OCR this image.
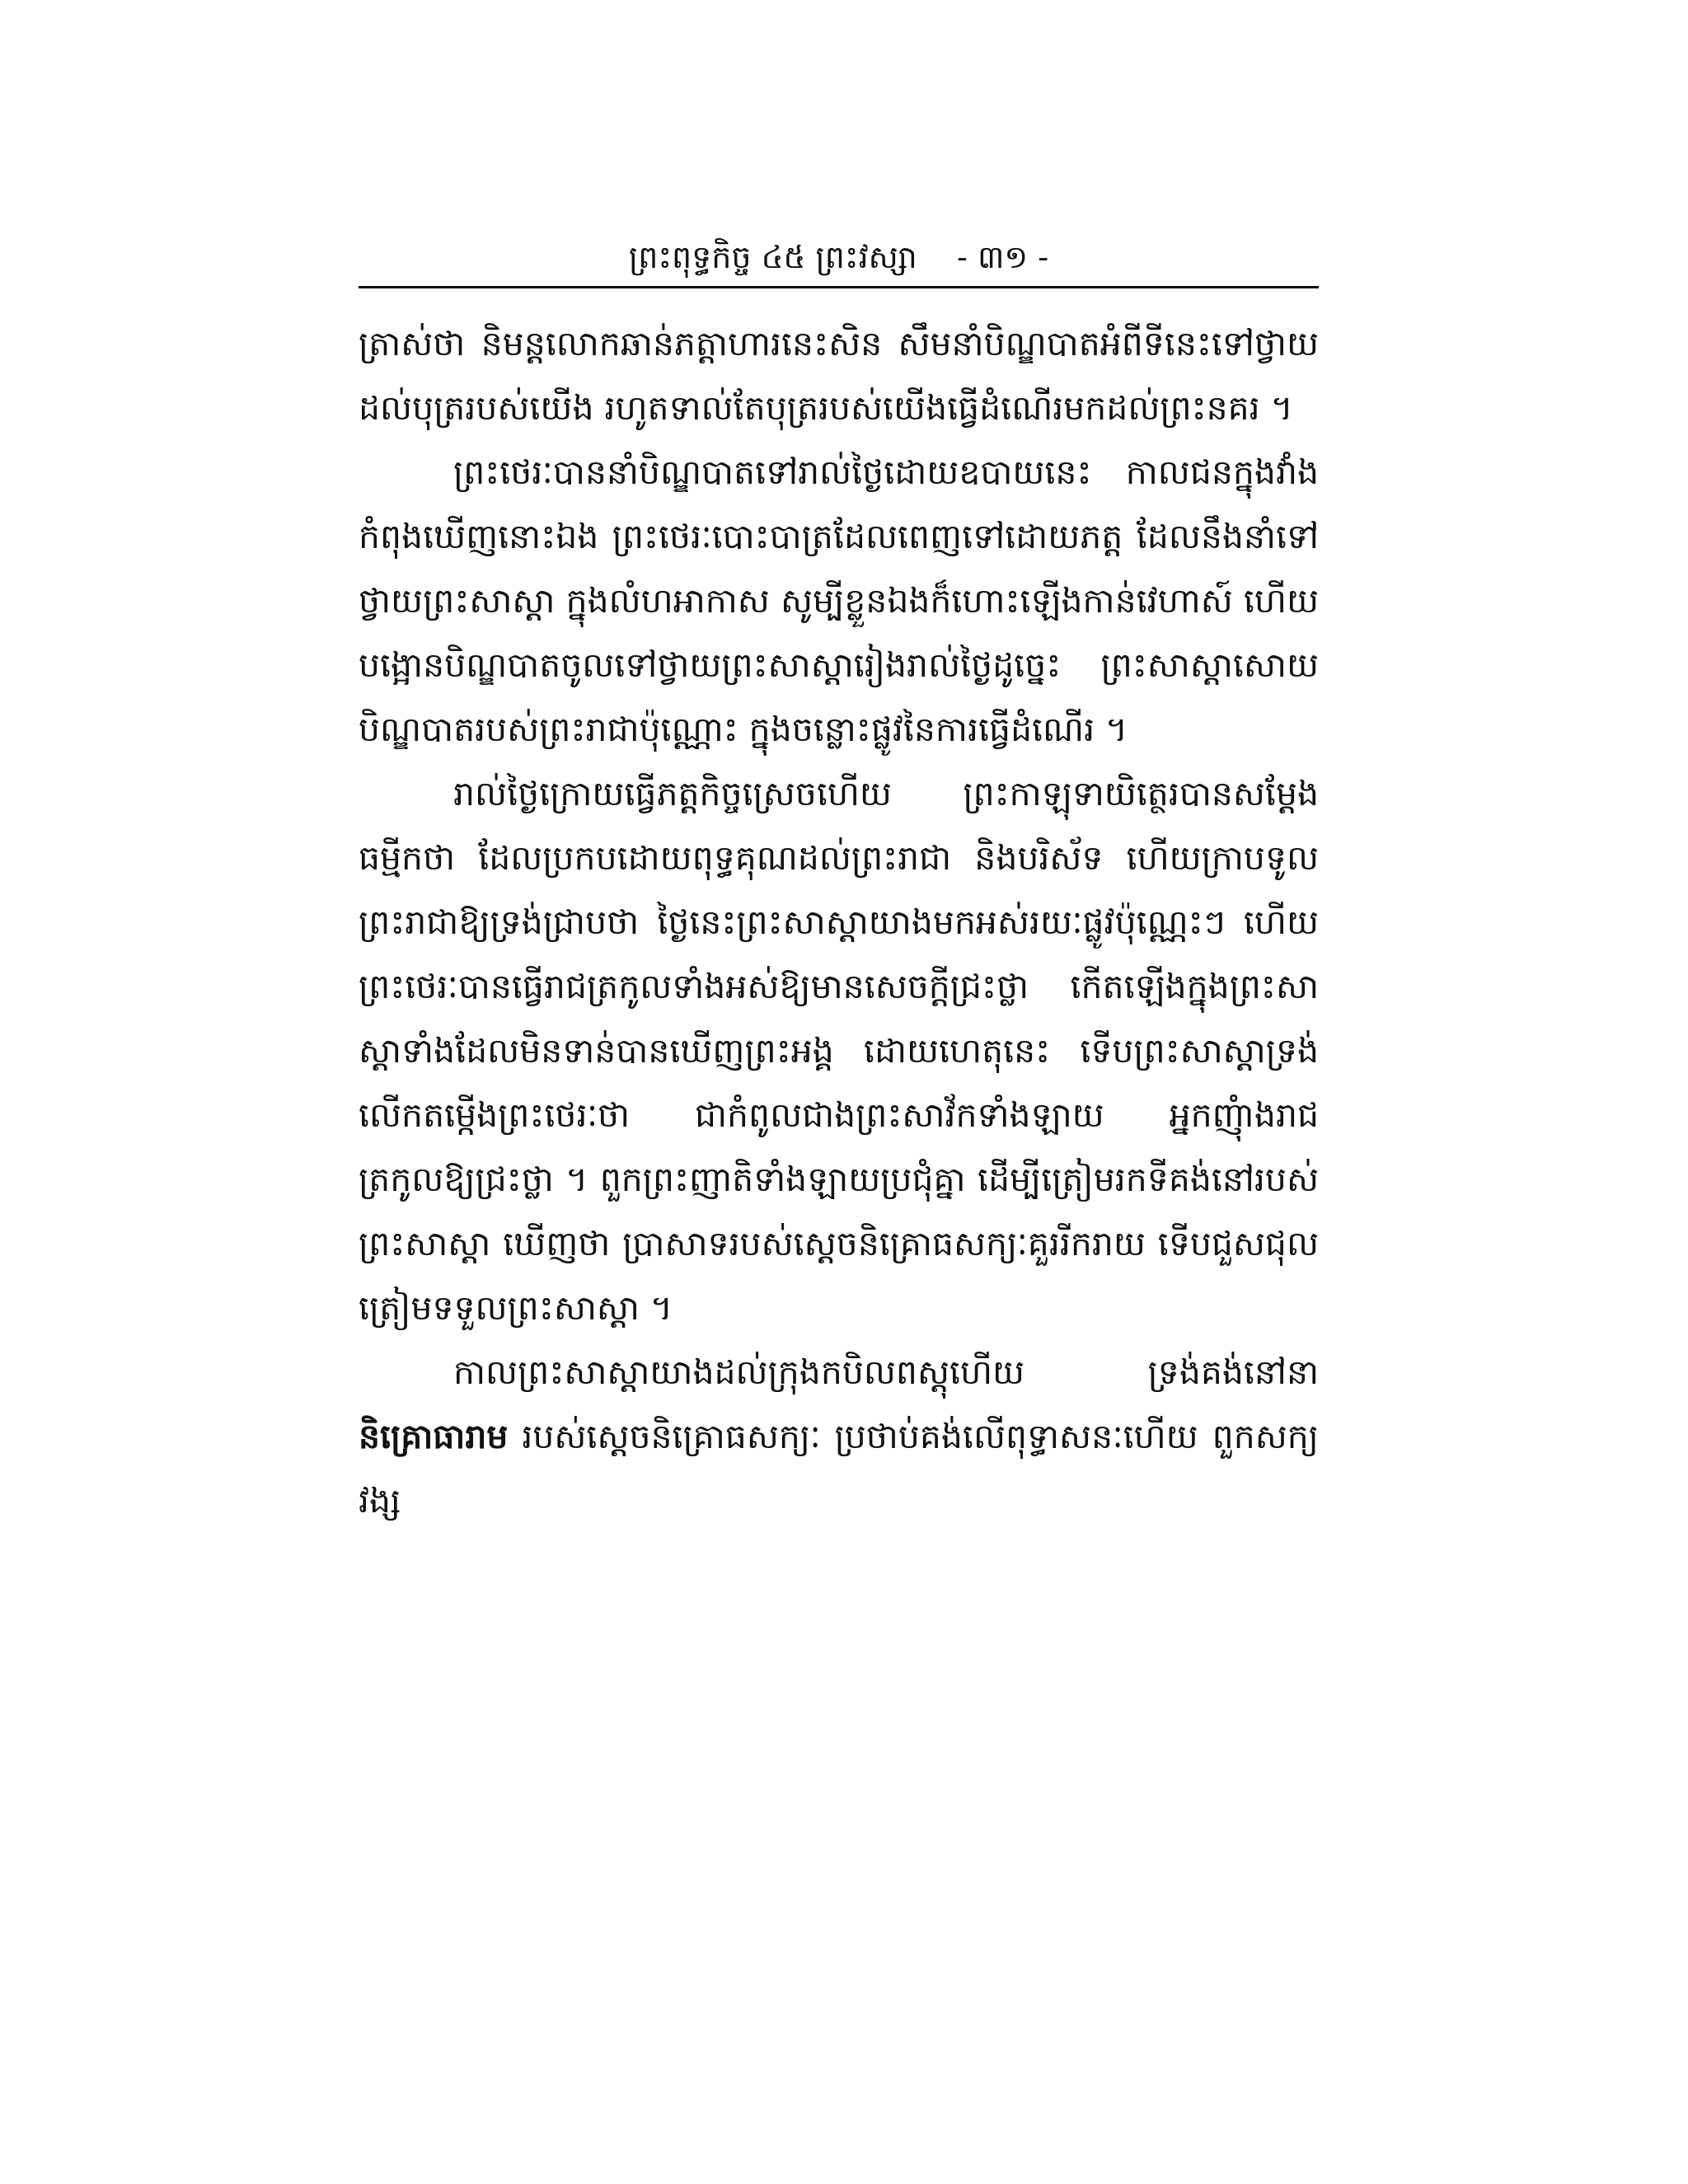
ព្រះពុទ្ធកិច្ច ៤៥ ព្រះវស្សា - ៣១ -

ត្រាស់ថា និមន្តលោកឆាន់ភត្តាហារនេះសិន សឹមនាំបិណ្ឌបាតអំពីទីនេះទៅថ្វាយដល់បុត្ររបស់យើង រហូតទាល់តែបុត្ររបស់យើងធ្វើដំណើរមកដល់ព្រះនគរ ។

ព្រះថេរៈបាននាំបិណ្ឌបាតទៅរាល់ថ្ងៃដោយឧបាយនេះ កាលជនក្នុងវាំងកំពុងឃើញនោះឯង ព្រះថេរៈបោះបាត្រដែលពេញទៅដោយភត្ត ដែលនឹងនាំទៅថ្វាយព្រះសាស្តា ក្នុងលំហអាកាស សូម្បីខ្លួនឯងក៏ហោះឡើងកាន់វេហាស៍ ហើយបង្អោនបិណ្ឌបាតចូលទៅថ្វាយព្រះសាស្តារៀងរាល់ថ្ងៃដូច្នេះ ព្រះសាស្តាសោយបិណ្ឌបាតរបស់ព្រះរាជាប៉ុណ្ណោះ ក្នុងចន្លោះផ្លូវនៃការធ្វើដំណើរ ។

រាល់ថ្ងៃក្រោយធ្វើភត្តកិច្ចស្រេចហើយ ព្រះកាឡុទាយិត្ថេរបានសម្តែងធម្មីកថា ដែលប្រកបដោយពុទ្ធគុណដល់ព្រះរាជា និងបរិស័ទ ហើយក្រាបទូលព្រះរាជាឱ្យទ្រង់ជ្រាបថា ថ្ងៃនេះព្រះសាស្តាយាងមកអស់រយៈផ្លូវប៉ុណ្ណេះៗ ហើយព្រះថេរៈបានធ្វើរាជត្រកូលទាំងអស់ឱ្យមានសេចក្តីជ្រះថ្លា កើតឡើងក្នុងព្រះសាស្តាទាំងដែលមិនទាន់បានឃើញព្រះអង្គ ដោយហេតុនេះ ទើបព្រះសាស្តាទ្រង់លើកតម្កើងព្រះថេរៈថា ជាកំពូលជាងព្រះសាវ័កទាំងឡាយ អ្នកញុំាងរាជត្រកូលឱ្យជ្រះថ្លា ។ ពួកព្រះញាតិទាំងឡាយប្រជុំគ្នា ដើម្បីត្រៀមរកទីគង់នៅរបស់ព្រះសាស្តា ឃើញថា ប្រាសាទរបស់ស្តេចនិគ្រោធសក្យៈគួររីករាយ ទើបជួសជុលត្រៀមទទួលព្រះសាស្តា ។

កាលព្រះសាស្តាយាងដល់ក្រុងកបិលពស្តុហើយ ទ្រង់គង់នៅនា និគ្រោធារាម របស់ស្តេចនិគ្រោធសក្យៈ ប្រថាប់គង់លើពុទ្ធាសនៈហើយ ពួកសក្យវង្ស
